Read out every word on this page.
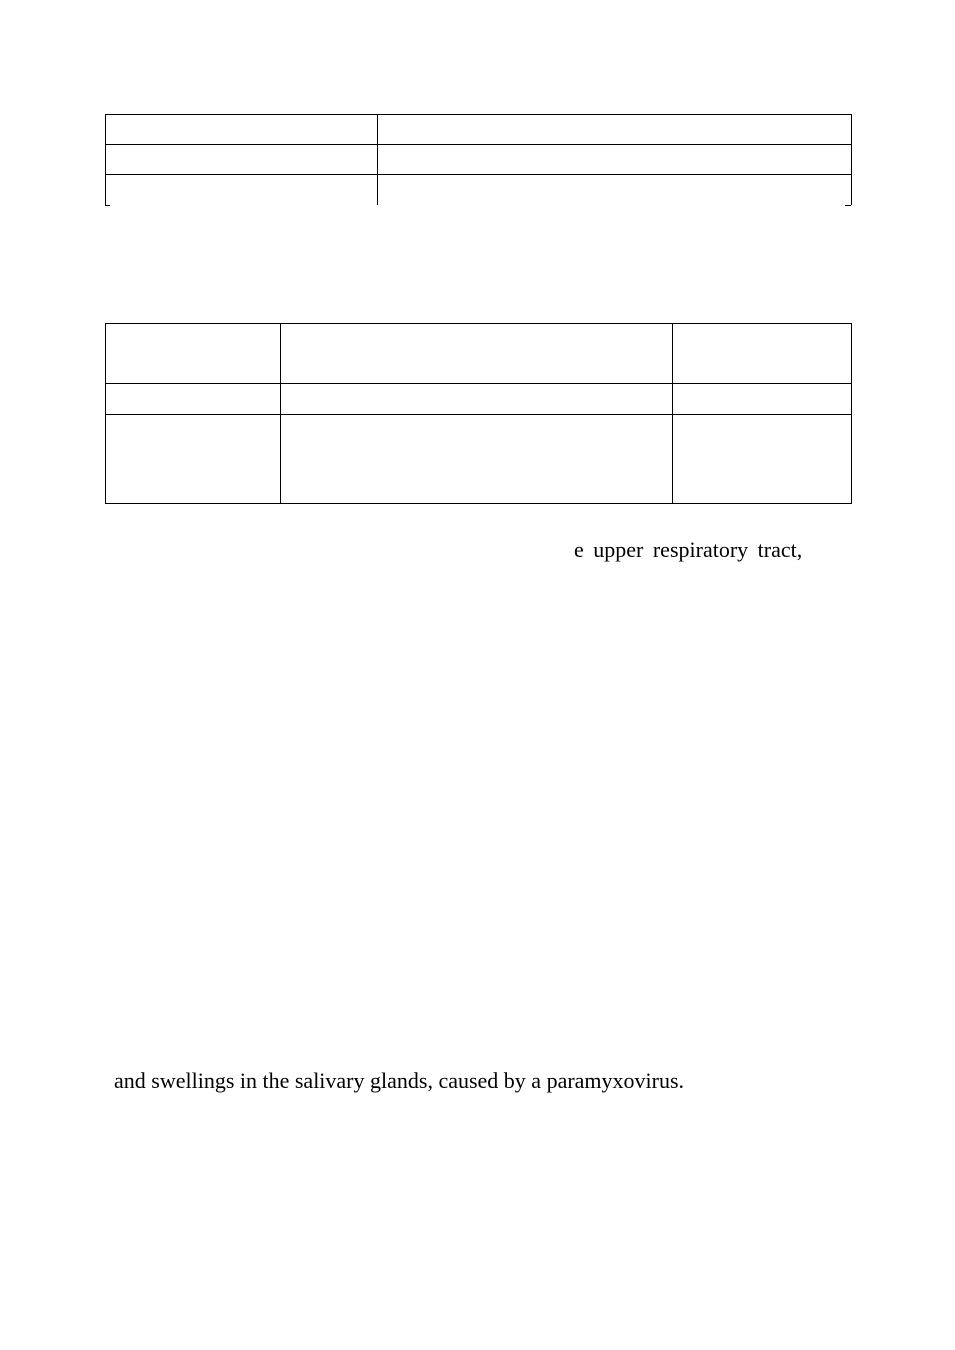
e upper respiratory tract,
and swellings in the salivary glands, caused by a paramyxovirus.
